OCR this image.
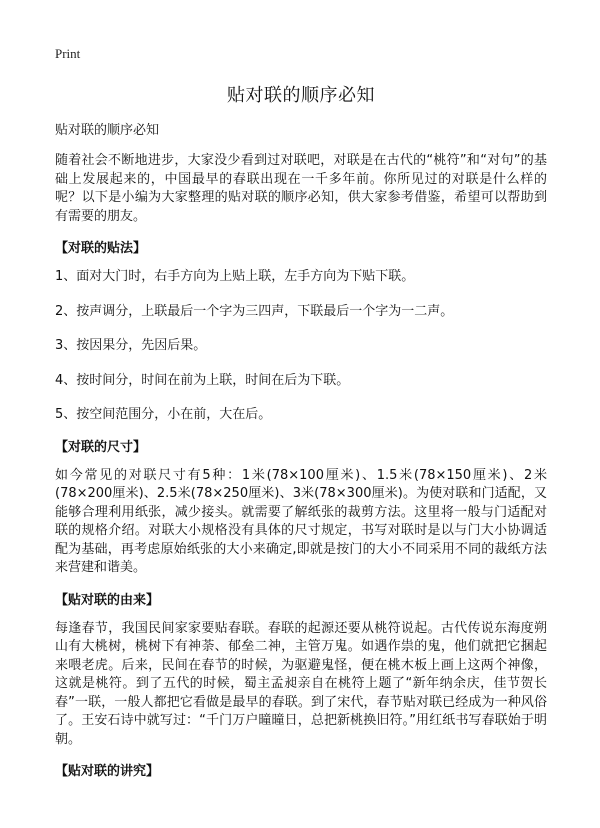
Print
贴对联的顺序必知
贴对联的顺序必知

随着社会不断地进步，大家没少看到过对联吧，对联是在古代的“桃符”和“对句”的基础上发展起来的，中国最早的春联出现在一千多年前。你所见过的对联是什么样的呢？以下是小编为大家整理的贴对联的顺序必知，供大家参考借鉴，希望可以帮助到有需要的朋友。

【对联的贴法】

1、面对大门时，右手方向为上贴上联，左手方向为下贴下联。

2、按声调分，上联最后一个字为三四声，下联最后一个字为一二声。

3、按因果分，先因后果。

4、按时间分，时间在前为上联，时间在后为下联。

5、按空间范围分，小在前，大在后。

【对联的尺寸】

如今常见的对联尺寸有5种：1米(78×100厘米)、1.5米(78×150厘米)、2米(78×200厘米)、2.5米(78×250厘米)、3米(78×300厘米)。为使对联和门适配，又能够合理利用纸张，减少接头。就需要了解纸张的裁剪方法。这里将一般与门适配对联的规格介绍。对联大小规格没有具体的尺寸规定，书写对联时是以与门大小协调适配为基础，再考虑原始纸张的大小来确定,即就是按门的大小不同采用不同的裁纸方法来营建和谐美。

【贴对联的由来】

每逢春节，我国民间家家要贴春联。春联的起源还要从桃符说起。古代传说东海度朔山有大桃树，桃树下有神荼、郁垒二神，主管万鬼。如遇作祟的鬼，他们就把它捆起来喂老虎。后来，民间在春节的时候，为驱避鬼怪，便在桃木板上画上这两个神像，这就是桃符。到了五代的时候，蜀主孟昶亲自在桃符上题了“新年纳余庆，佳节贺长春”一联，一般人都把它看做是最早的春联。到了宋代，春节贴对联已经成为一种风俗了。王安石诗中就写过：“千门万户曈曈日，总把新桃换旧符。”用红纸书写春联始于明朝。

【贴对联的讲究】
